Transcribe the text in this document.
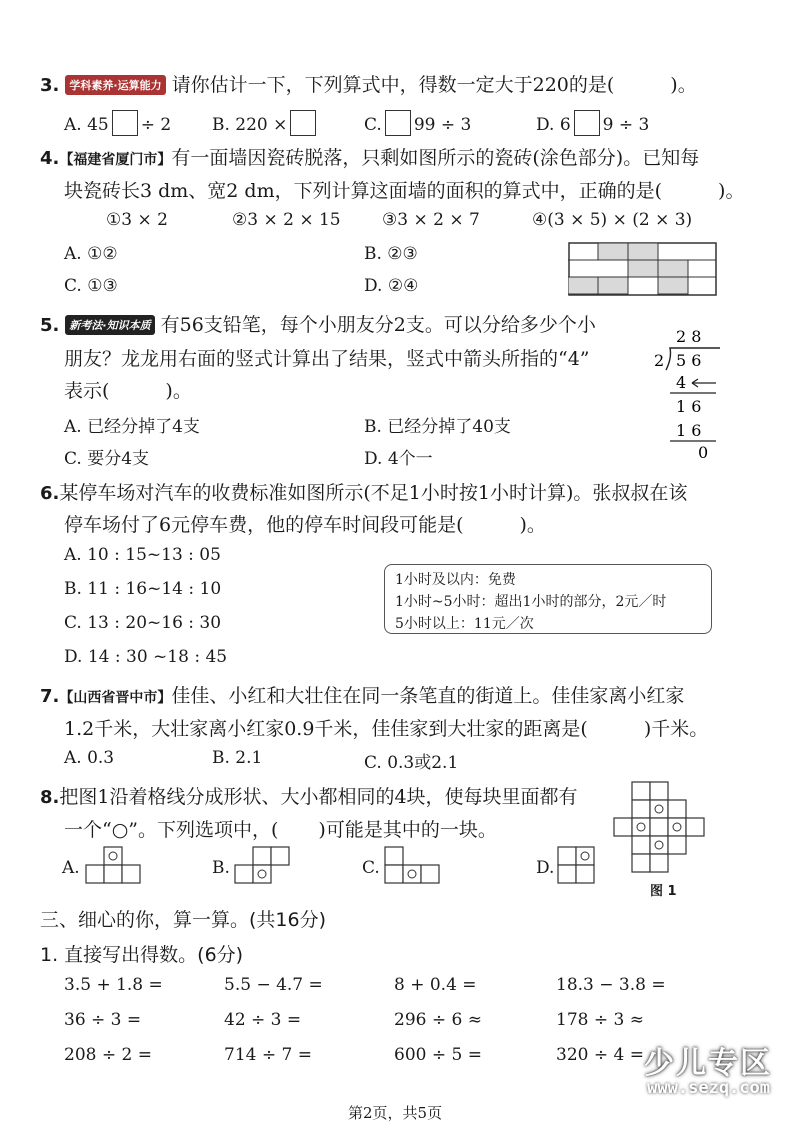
3. 学科素养·运算能力 请你估计一下，下列算式中，得数一定大于220的是(	)。
A. 45 ÷ 2 B. 220 ×	C. 99 ÷ 3	D. 6 9 ÷ 3
4.【福建省厦门市】有一面墙因瓷砖脱落，只剩如图所示的瓷砖(涂色部分)。已知每
块瓷砖长3 dm、宽2 dm，下列计算这面墙的面积的算式中，正确的是(	)。
①3 × 2	②3 × 2 × 15 ③3 × 2 × 7	④(3 × 5) × (2 × 3)
A. ①②	B. ②③
C. ①③	D. ②④
5. 新考法·知识本质 有56支铅笔，每个小朋友分2支。可以分给多少个小
朋友？龙龙用右面的竖式计算出了结果，竖式中箭头所指的“4”
表示(	)。
A. 已经分掉了4支	B. 已经分掉了40支
C. 要分4支	D. 4个一
2 8
2 5 6
4
1 6
1 6
0
6.某停车场对汽车的收费标准如图所示(不足1小时按1小时计算)。张叔叔在该
停车场付了6元停车费，他的停车时间段可能是(	)。
A. 10 : 15~13 : 05
B. 11 : 16~14 : 10
C. 13 : 20~16 : 30
D. 14 : 30 ~18 : 45
1小时及以内：免费
1小时~5小时：超出1小时的部分，2元／时
5小时以上：11元／次
7.【山西省晋中市】佳佳、小红和大壮住在同一条笔直的街道上。佳佳家离小红家
1.2千米，大壮家离小红家0.9千米，佳佳家到大壮家的距离是(	)千米。
A. 0.3	B. 2.1	C. 0.3或2.1
8.把图1沿着格线分成形状、大小都相同的4块，使每块里面都有
一个“○”。下列选项中，( )可能是其中的一块。
A.	B.	C.	D.
图 1
三、细心的你，算一算。(共16分)
1. 直接写出得数。(6分)
3.5 + 1.8 =	5.5 − 4.7 =	8 + 0.4 =	18.3 − 3.8 =
36 ÷ 3 =	42 ÷ 3 =	296 ÷ 6 ≈	178 ÷ 3 ≈
208 ÷ 2 =	714 ÷ 7 =	600 ÷ 5 =	320 ÷ 4 = 少儿专区
www.sezq.com
第2页，共5页
